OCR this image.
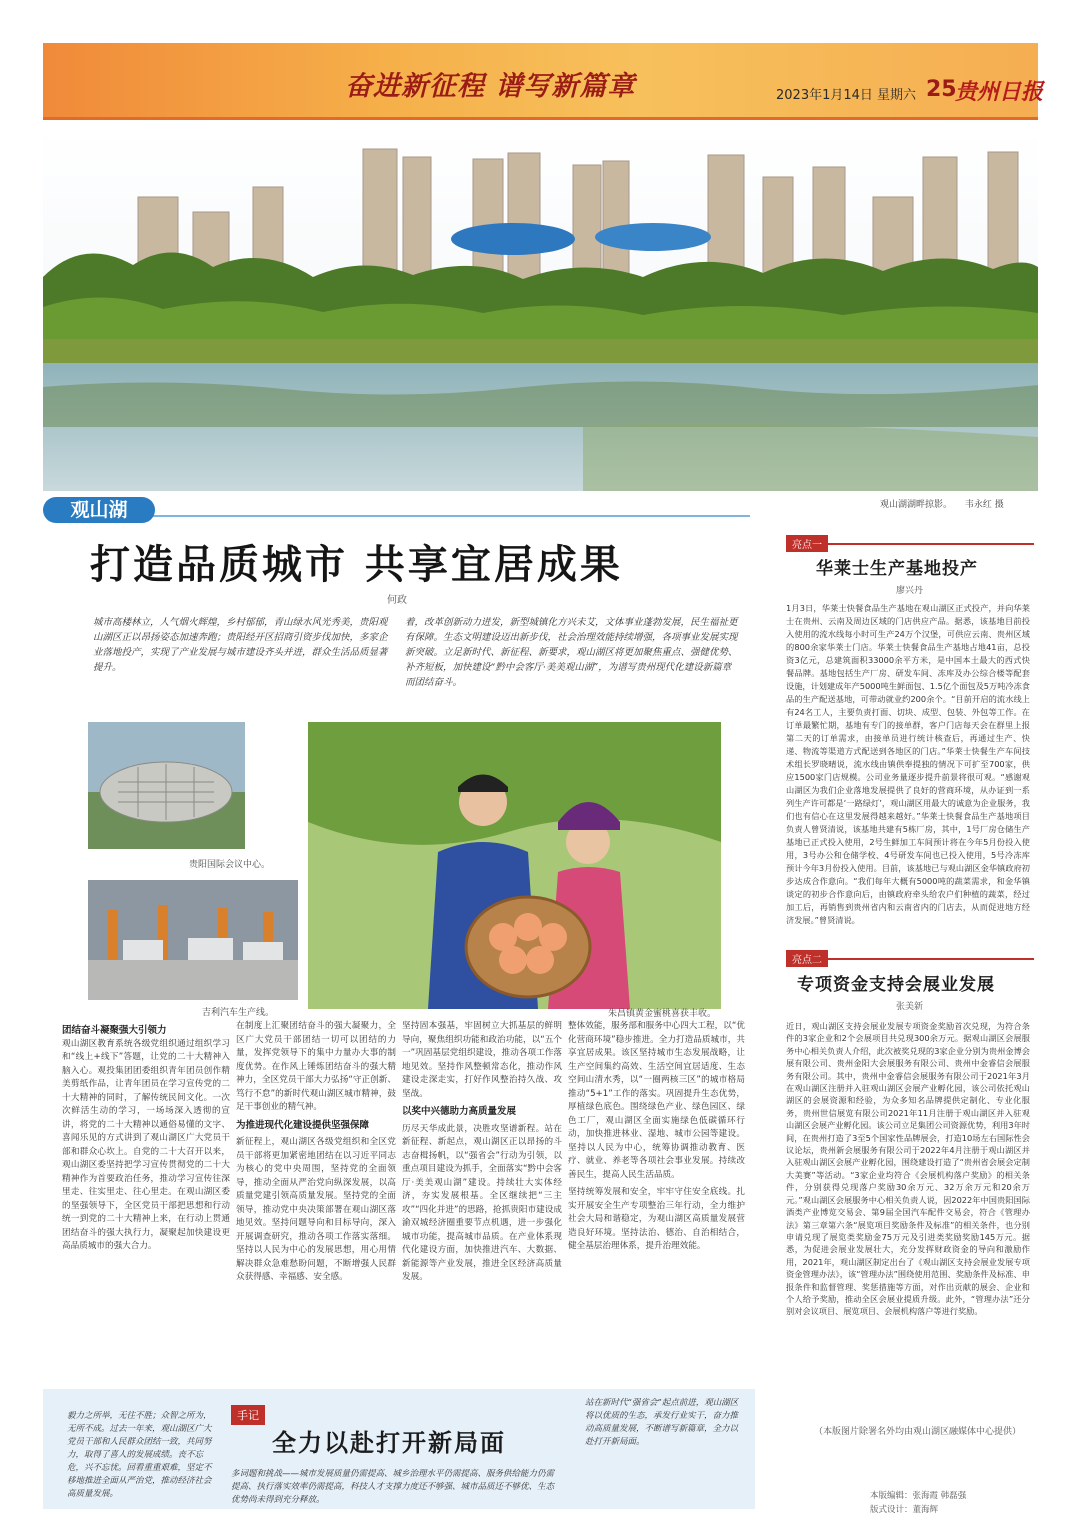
奋进新征程 谱写新篇章	2023年1月14日 星期六 25
贵州日报
观山湖湖畔掠影。 韦永红 摄
观山湖
打造品质城市 共享宜居成果
何政
城市高楼林立，人气烟火辉煌，乡村郁郁，青山绿水风光秀美，贵阳观山湖区正以昂扬姿态加速奔跑；贵阳经开区招商引资步伐加快，多家企业落地投产，实现了产业发展与城市建设齐头并进，群众生活品质显著提升。
着，改革创新动力迸发，新型城镇化方兴未艾，文体事业蓬勃发展，民生福祉更有保障。生态文明建设迈出新步伐，社会治理效能持续增强，各项事业发展实现新突破。立足新时代、新征程、新要求，观山湖区将更加聚焦重点、强健优势、补齐短板，加快建设“黔中会客厅·美美观山湖”，为谱写贵州现代化建设新篇章而团结奋斗。
贵阳国际会议中心。
吉利汽车生产线。	朱昌镇黄金蜜桃喜获丰收。
团结奋斗凝聚强大引领力
观山湖区教育系统各级党组织通过组织学习和“线上+线下”答题，让党的二十大精神入脑入心。观投集团团委组织青年团员创作精美剪纸作品，让青年团员在学习宣传党的二十大精神的同时，了解传统民间文化。一次次鲜活生动的学习，一场场深入透彻的宣讲，将党的二十大精神以通俗易懂的文字、喜闻乐见的方式讲到了观山湖区广大党员干部和群众心坎上。自党的二十大召开以来，观山湖区委坚持把学习宣传贯彻党的二十大精神作为首要政治任务，推动学习宣传往深里走、往实里走、往心里走。在观山湖区委的坚强领导下，全区党员干部把思想和行动统一到党的二十大精神上来，在行动上贯通团结奋斗的强大执行力，凝聚起加快建设更高品质城市的强大合力。
在制度上汇聚团结奋斗的强大凝聚力，全区广大党员干部团结一切可以团结的力量，发挥党领导下的集中力量办大事的制度优势。在作风上锤炼团结奋斗的强大精神力，全区党员干部大力弘扬“守正创新、笃行不怠”的新时代观山湖区城市精神，鼓足干事创业的精气神。
为推进现代化建设提供坚强保障
新征程上，观山湖区各级党组织和全区党员干部将更加紧密地团结在以习近平同志为核心的党中央周围，坚持党的全面领导，推动全面从严治党向纵深发展，以高质量党建引领高质量发展。坚持党的全面领导，推动党中央决策部署在观山湖区落地见效。坚持问题导向和目标导向，深入开展调查研究，推动各项工作落实落细。坚持以人民为中心的发展思想，用心用情解决群众急难愁盼问题，不断增强人民群众获得感、幸福感、安全感。
坚持固本强基，牢固树立大抓基层的鲜明导向，聚焦组织功能和政治功能，以“五个一”巩固基层党组织建设，推动各项工作落地见效。坚持作风整顿常态化，推动作风建设走深走实，打好作风整治持久战、攻坚战。
以奖中兴德助力高质量发展
历尽天华成此景，决胜攻坚谱新程。站在新征程、新起点，观山湖区正以昂扬的斗志奋楫扬帆，以“强省会”行动为引领，以重点项目建设为抓手，全面落实“黔中会客厅·美美观山湖”建设。持续壮大实体经济，夯实发展根基。全区继续把“三主攻”“四化并进”的思路，抢抓贵阳市建设成渝双城经济圈重要节点机遇，进一步强化城市功能，提高城市品质。在产业体系现代化建设方面，加快推进汽车、大数据、新能源等产业发展，推进全区经济高质量发展。
整体效能，服务部和服务中心四大工程，以“优化营商环境”稳步推进。全力打造品质城市，共享宜居成果。该区坚持城市生态发展战略，让生产空间集约高效、生活空间宜居适度、生态空间山清水秀，以“一圈两核三区”的城市格局推动“5+1”工作的落实。巩固提升生态优势，厚植绿色底色。围绕绿色产业、绿色园区、绿色工厂，观山湖区全面实施绿色低碳循环行动，加快推进林业、湿地、城市公园等建设。坚持以人民为中心，统筹协调推动教育、医疗、就业、养老等各项社会事业发展。持续改善民生，提高人民生活品质。
坚持统筹发展和安全，牢牢守住安全底线。扎实开展安全生产专项整治三年行动，全力维护社会大局和谐稳定，为观山湖区高质量发展营造良好环境。坚持法治、德治、自治相结合，健全基层治理体系，提升治理效能。
毅力之所举，无往不胜；众智之所为，无所不成。过去一年来，观山湖区广大党员干部和人民群众团结一致，共同努力，取得了喜人的发展成绩。丧不忘危，兴不忘忧。回看重重艰难，坚定不移地推进全面从严治党，推动经济社会高质量发展。
手记
全力以赴打开新局面
多词题和挑战——城市发展质量仍需提高、城乡治理水平仍需提高、服务供给能力仍需提高、执行落实效率仍需提高，科技人才支撑力度还不够强、城市品质还不够优、生态优势尚未得到充分释放。
站在新时代“强省会”起点前进，观山湖区将以优质的生态，承发行业实干，奋力推动高质量发展，不断谱写新篇章，全力以赴打开新局面。
亮点一
华莱士生产基地投产
廖兴丹
1月3日，华莱士快餐食品生产基地在观山湖区正式投产，并向华莱士在贵州、云南及周边区域的门店供应产品。据悉，该基地目前投入使用的流水线每小时可生产24万个汉堡，可供应云南、贵州区域的800余家华莱士门店。华莱士快餐食品生产基地占地41亩，总投资3亿元，总建筑面积33000余平方米，是中国本土最大的西式快餐品牌。基地包括生产厂房、研发车间、冻库及办公综合楼等配套设施，计划建成年产5000吨生鲜面包、1.5亿个面包及5万吨冷冻食品的生产配送基地，可带动就业约200余个。“目前开启的流水线上有24名工人，主要负责打面、切块、成型、包装、外包等工作。在订单最繁忙期，基地有专门的接单群，客户门店每天会在群里上报第二天的订单需求，由接单员进行统计核查后，再通过生产、快递、物流等渠道方式配送到各地区的门店。”华莱士快餐生产车间技术组长罗晓晴说，流水线由镇供奉提独的情况下可扩至700家，供应1500家门店规模。公司业务量逐步提升前景将很可观。“感谢观山湖区为我们企业落地发展提供了良好的营商环境，从办证到一系列生产许可都是‘一路绿灯’，观山湖区用最大的诚意为企业服务，我们也有信心在这里发展得越来越好。”华莱士快餐食品生产基地项目负责人曾贤清说，该基地共建有5栋厂房，其中，1号厂房仓储生产基地已正式投入使用，2号生鲜加工车间预计将在今年5月份投入使用，3号办公和仓储学校、4号研发车间也已投入使用，5号冷冻库预计今年3月份投入使用。目前，该基地已与观山湖区金华镇政府初步达成合作意向。“我们每年大概有5000吨的蔬菜需求，和金华镇谈定的初步合作意向后，由镇政府牵头给农户们种植的蔬菜，经过加工后，再销售到贵州省内和云南省内的门店去，从而促进地方经济发展。”曾贤清说。
亮点二
专项资金支持会展业发展
张美新
近日，观山湖区支持会展业发展专项资金奖励首次兑现，为符合条件的3家企业和2个会展项目共兑现300余万元。据观山湖区会展服务中心相关负责人介绍，此次被奖兑现的3家企业分别为贵州金博会展有限公司、贵州金阳大会展服务有限公司、贵州中金睿信会展服务有限公司。其中，贵州中金睿信会展服务有限公司于2021年3月在观山湖区注册并入驻观山湖区会展产业孵化园，该公司依托观山湖区的会展资源和经验，为众多知名品牌提供定制化、专业化服务，贵州世信展览有限公司2021年11月注册于观山湖区并入驻观山湖区会展产业孵化园。该公司立足集团公司资源优势，利用3年时间，在贵州打造了3至5个国家性品牌展会，打造10场左右国际性会议论坛，贵州新会展服务有限公司于2022年4月注册于观山湖区并入驻观山湖区会展产业孵化园，围绕建设打造了“贵州省会展会定制大美赛”等活动。“3家企业均符合《会展机构落户奖励》的相关条件，分别获得兑现落户奖励30余万元、32万余万元和20余万元。”观山湖区会展服务中心相关负责人说，因2022年中国贵阳国际酒类产业博览交易会、第9届全国汽车配件交易会，符合《管理办法》第三章第六条“展览项目奖励条件及标准”的相关条件，也分别申请兑现了展览类奖励金75万元及引进类奖励奖励145万元。据悉，为促进会展业发展壮大，充分发挥财政资金的导向和激励作用，2021年，观山湖区制定出台了《观山湖区支持会展业发展专项资金管理办法》，该“管理办法”围绕使用范围、奖励条件及标准、申报条件和监督管理、奖惩措施等方面，对作出贡献的展会、企业和个人给予奖励，推动全区会展业提质升级。此外，“管理办法”还分别对会议项目、展览项目、会展机构落户等进行奖励。
（本版图片除署名外均由观山湖区融媒体中心提供）
本版编辑：张海霞 韩磊强
版式设计：董海辉
